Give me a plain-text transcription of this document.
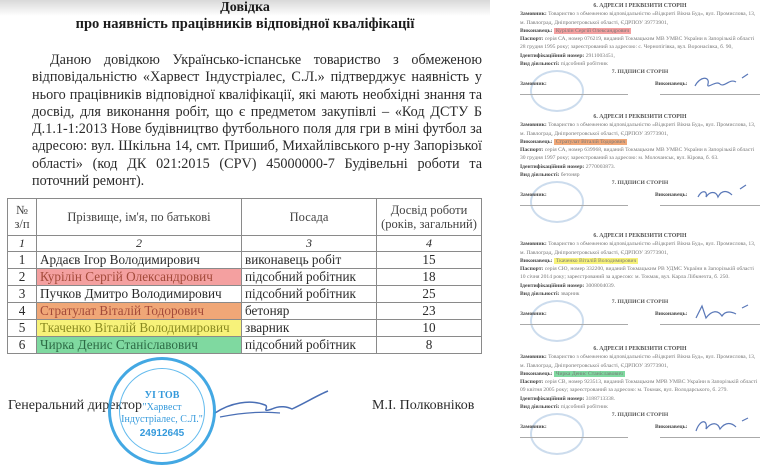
Довідка
про наявність працівників відповідної кваліфікації
Даною довідкою Українсько-іспанське товариство з обмеженою відповідальністю «Харвест Індустріалес, С.Л.» підтверджує наявність у нього працівників відповідної кваліфікації, які мають необхідні знання та досвід, для виконання робіт, що є предметом закупівлі – «Код ДСТУ Б Д.1.1-1:2013 Нове будівництво футбольного поля для гри в міні футбол за адресою: вул. Шкільна 14, смт. Пришиб, Михайлівського р-ну Запорізької області» (код ДК 021:2015 (CPV) 45000000-7 Будівельні роботи та поточний ремонт).
№ з/п	Прізвище, ім'я, по батькові	Посада	Досвід роботи (років, загальний)
1	2	3	4
1	Ардаєв Ігор Володимирович	виконавець робіт	15
2	Курілін Сергій Олександрович	підсобний робітник	18
3	Пучков Дмитро Володимирович	підсобний робітник	25
4	Стратулат Віталій Тодорович	бетоняр	23
5	Ткаченко Віталій Володимирович	зварник	10
6	Чирка Денис Станіславович	підсобний робітник	8
Генеральний директор	М.І. Полковніков
УІ ТОВ
"Харвест
Індустріалес, С.Л."
24912645
6. АДРЕСИ І РЕКВІЗИТИ СТОРІН
Замовник: Товариство з обмеженою відповідальністю «Відкриті Вікна Буд», вул. Промислова, 13, м. Павлоград, Дніпропетровської області, ЄДРПОУ 39773901,
Виконавець: Курілін Сергій Олександрович
Паспорт: серія СА, номер 076219, виданий Токмацьким МВ УМВС України в Запорізькій області 28 грудня 1995 року; зареєстрований за адресою: с. Чернопігівка, вул. Воронасівка, б. 90, Ідентифікаційний номер: 2911003451,
Вид діяльності: підсобний робітник
7. ПІДПИСИ СТОРІН
Замовник:	Виконавець:
6. АДРЕСИ І РЕКВІЗИТИ СТОРІН
Замовник: Товариство з обмеженою відповідальністю «Відкриті Вікна Буд», вул. Промислова, 13, м. Павлоград, Дніпропетровської області, ЄДРПОУ 39773901,
Виконавець: Стратулат Віталій Тодорович
Паспорт: серія СА, номер 639968, виданий Токмацьким МВ УМВС України в Запорізькій області 30 грудня 1997 року; зареєстрований за адресою: м. Молочанськ, вул. Кірова, б. 63. Ідентифікаційний номер: 2770003873.
Вид діяльності: бетоняр
7. ПІДПИСИ СТОРІН
Замовник:	Виконавець:
6. АДРЕСИ І РЕКВІЗИТИ СТОРІН
Замовник: Товариство з обмеженою відповідальністю «Відкриті Вікна Буд», вул. Промислова, 13, м. Павлоград, Дніпропетровської області, ЄДРПОУ 39773901,
Виконавець: Ткаченко Віталій Володимирович
Паспорт: серія СЮ, номер 332200, виданий Токмацьким РВ УДМС України в Запорізькій області 10 січня 2014 року; зареєстрований за адресою: м. Токмак, вул. Карла Лібкнехта, б. 250. Ідентифікаційний номер: 3008004039.
Вид діяльності: зварник
7. ПІДПИСИ СТОРІН
Замовник:	Виконавець:
6. АДРЕСИ І РЕКВІЗИТИ СТОРІН
Замовник: Товариство з обмеженою відповідальністю «Відкриті Вікна Буд», вул. Промислова, 13, м. Павлоград, Дніпропетровської області, ЄДРПОУ 39773901,
Виконавець: Чирка Денис Станіславович
Паспорт: серія СВ, номер 923513, виданий Токмацьким МРВ УМВС України в Запорізькій області 09 квітня 2005 року; зареєстрований за адресою: м. Токмак, вул. Володарського, б. 279. Ідентифікаційний номер: 3188713338.
Вид діяльності: підсобний робітник
7. ПІДПИСИ СТОРІН
Замовник:	Виконавець:
